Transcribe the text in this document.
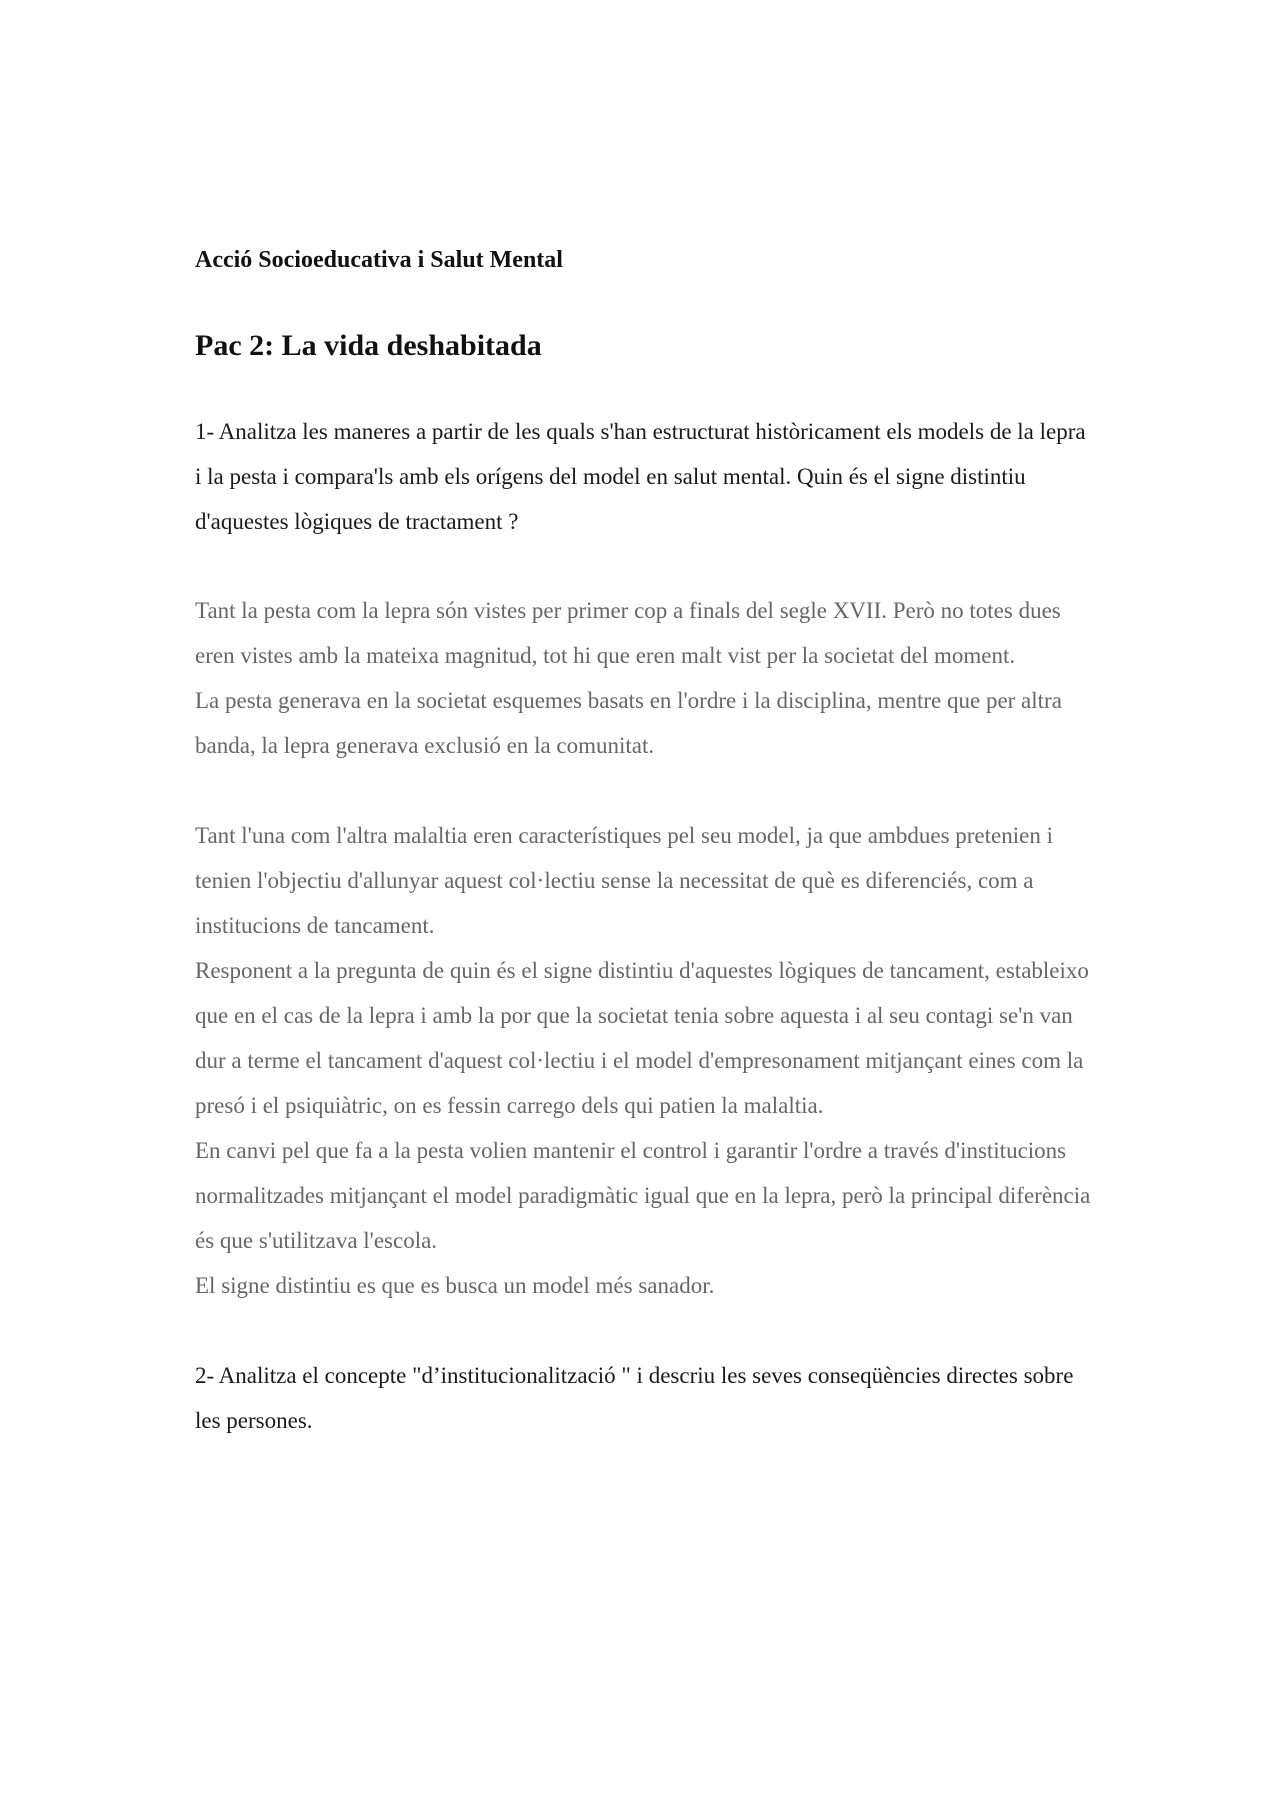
Acció Socioeducativa i Salut Mental

Pac 2: La vida deshabitada

1- Analitza les maneres a partir de les quals s'han estructurat històricament els models de la lepra i la pesta i compara'ls amb els orígens del model en salut mental. Quin és el signe distintiu d'aquestes lògiques de tractament ?

Tant la pesta com la lepra són vistes per primer cop a finals del segle XVII. Però no totes dues eren vistes amb la mateixa magnitud, tot hi que eren malt vist per la societat del moment.

La pesta generava en la societat esquemes basats en l'ordre i la disciplina, mentre que per altra banda, la lepra generava exclusió en la comunitat.

Tant l'una com l'altra malaltia eren característiques pel seu model, ja que ambdues pretenien i tenien l'objectiu d'allunyar aquest col·lectiu sense la necessitat de què es diferenciés, com a institucions de tancament.

Responent a la pregunta de quin és el signe distintiu d'aquestes lògiques de tancament, estableixo que en el cas de la lepra i amb la por que la societat tenia sobre aquesta i al seu contagi se'n van dur a terme el tancament d'aquest col·lectiu i el model d'empresonament mitjançant eines com la presó i el psiquiàtric, on es fessin carrego dels qui patien la malaltia.

En canvi pel que fa a la pesta volien mantenir el control i garantir l'ordre a través d'institucions normalitzades mitjançant el model paradigmàtic igual que en la lepra, però la principal diferència és que s'utilitzava l'escola.

El signe distintiu es que es busca un model més sanador.

2- Analitza el concepte "d’institucionalització " i descriu les seves conseqüències directes sobre les persones.
